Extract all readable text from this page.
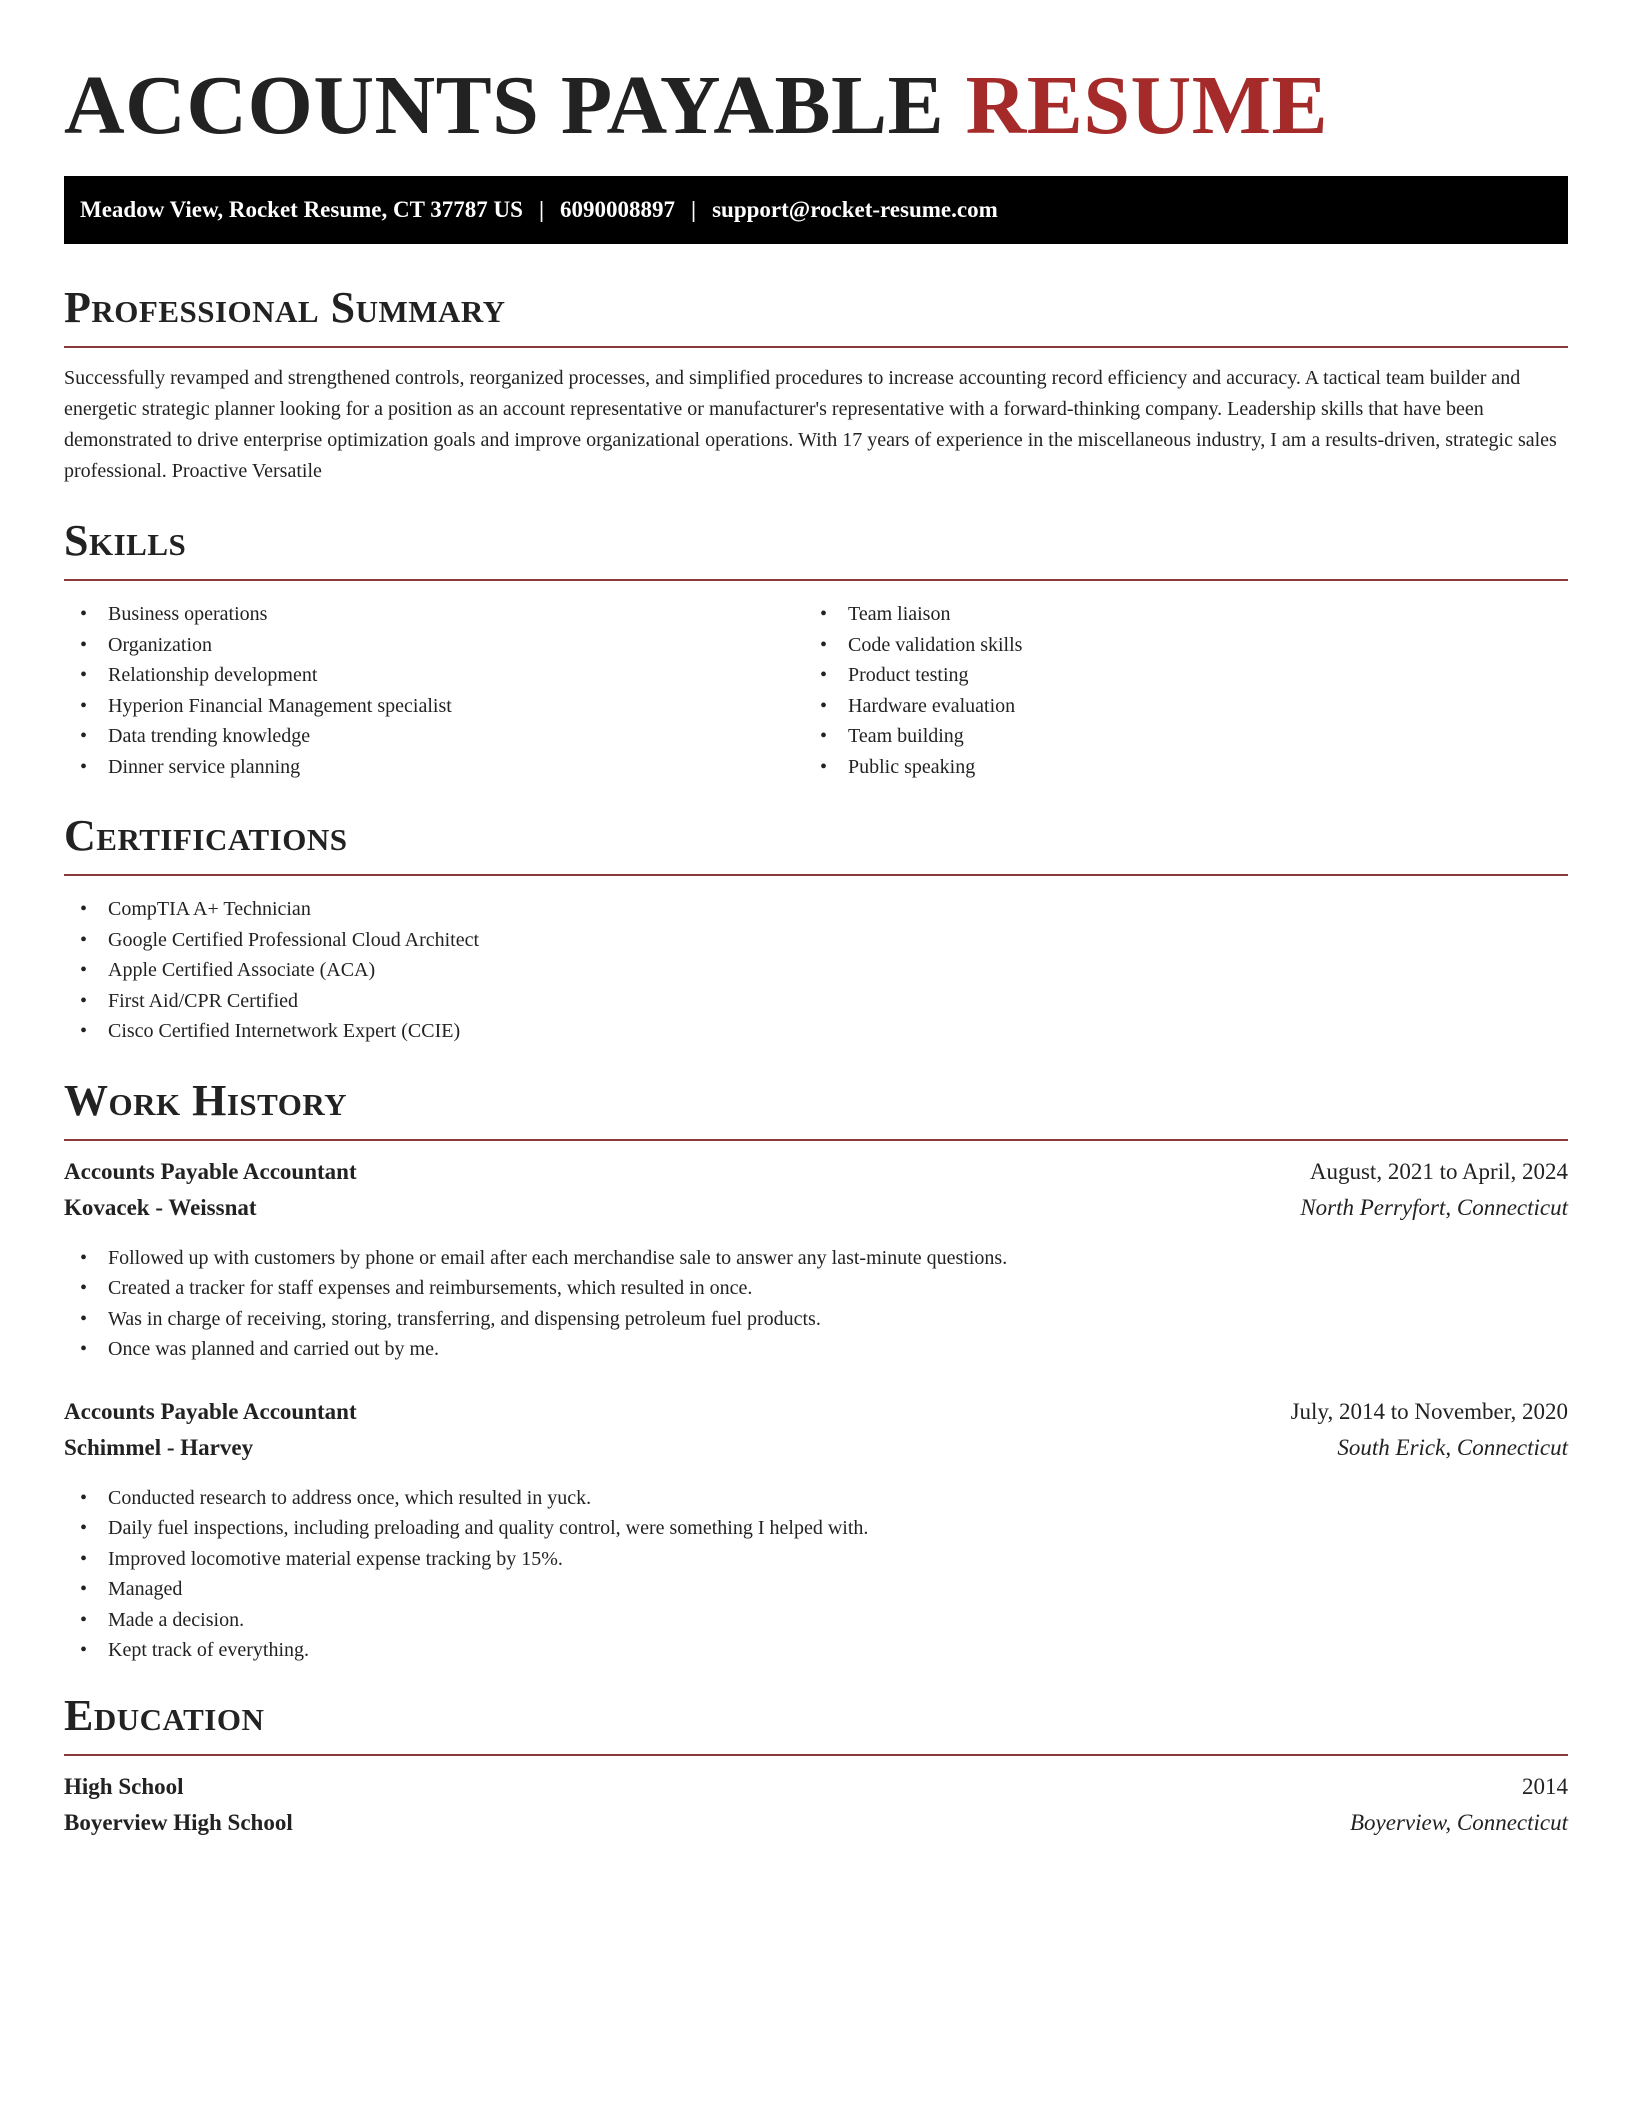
ACCOUNTS PAYABLE RESUME
Meadow View, Rocket Resume, CT 37787 US | 6090008897 | support@rocket-resume.com
Professional Summary

Successfully revamped and strengthened controls, reorganized processes, and simplified procedures to increase accounting record efficiency and accuracy. A tactical team builder and energetic strategic planner looking for a position as an account representative or manufacturer's representative with a forward-thinking company. Leadership skills that have been demonstrated to drive enterprise optimization goals and improve organizational operations. With 17 years of experience in the miscellaneous industry, I am a results-driven, strategic sales professional. Proactive Versatile

Skills
• Business operations
• Organization
• Relationship development
• Hyperion Financial Management specialist
• Data trending knowledge
• Dinner service planning
• Team liaison
• Code validation skills
• Product testing
• Hardware evaluation
• Team building
• Public speaking
Certifications
• CompTIA A+ Technician
• Google Certified Professional Cloud Architect
• Apple Certified Associate (ACA)
• First Aid/CPR Certified
• Cisco Certified Internetwork Expert (CCIE)
Work History
Accounts Payable Accountant	August, 2021 to April, 2024
Kovacek - Weissnat	North Perryfort, Connecticut
• Followed up with customers by phone or email after each merchandise sale to answer any last-minute questions.
• Created a tracker for staff expenses and reimbursements, which resulted in once.
• Was in charge of receiving, storing, transferring, and dispensing petroleum fuel products.
• Once was planned and carried out by me.
Accounts Payable Accountant	July, 2014 to November, 2020
Schimmel - Harvey	South Erick, Connecticut
• Conducted research to address once, which resulted in yuck.
• Daily fuel inspections, including preloading and quality control, were something I helped with.
• Improved locomotive material expense tracking by 15%.
• Managed
• Made a decision.
• Kept track of everything.
Education
High School	2014
Boyerview High School	Boyerview, Connecticut
